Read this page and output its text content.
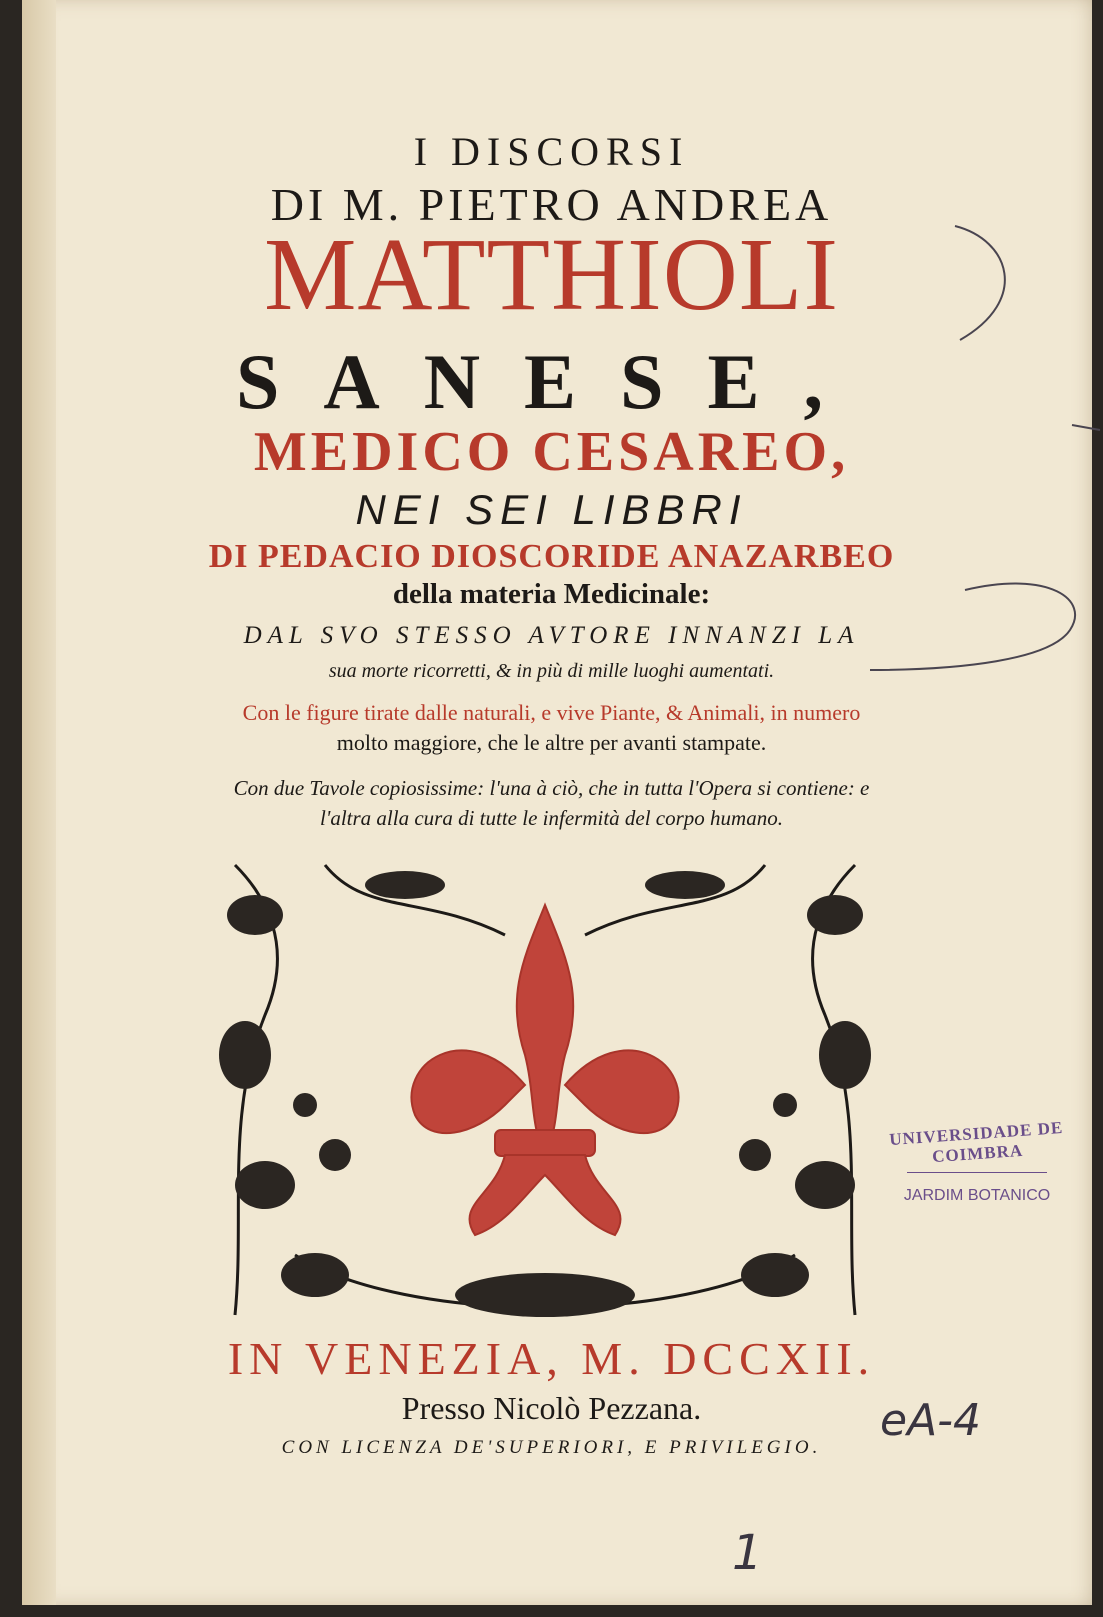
I DISCORSI
DI M. PIETRO ANDREA
MATTHIOLI
SANESE,
MEDICO CESAREO,
NEI SEI LIBBRI
DI PEDACIO DIOSCORIDE ANAZARBEO
della materia Medicinale:
DAL SVO STESSO AVTORE INNANZI LA
sua morte ricorretti, & in più di mille luoghi aumentati.
Con le figure tirate dalle naturali, e vive Piante, & Animali, in numero
molto maggiore, che le altre per avanti stampate.
Con due Tavole copiosissime: l'una à ciò, che in tutta l'Opera si contiene: e
l'altra alla cura di tutte le infermità del corpo humano.
IN VENEZIA, M. DCCXII.
Presso Nicolò Pezzana.
CON LICENZA DE'SUPERIORI, E PRIVILEGIO.
UNIVERSIDADE DE COIMBRA
JARDIM BOTANICO
eA-4
1
